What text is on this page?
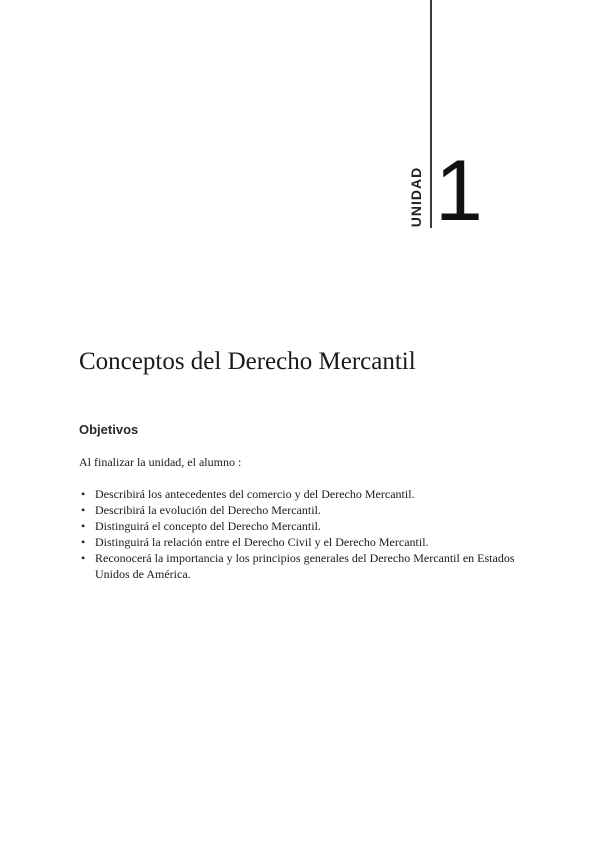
UNIDAD 1
Conceptos del Derecho Mercantil
Objetivos

Al finalizar la unidad, el alumno :

• Describirá los antecedentes del comercio y del Derecho Mercantil.
• Describirá la evolución del Derecho Mercantil.
• Distinguirá el concepto del Derecho Mercantil.
• Distinguirá la relación entre el Derecho Civil y el Derecho Mercantil.
• Reconocerá la importancia y los principios generales del Derecho Mercantil en Estados Unidos de América.
